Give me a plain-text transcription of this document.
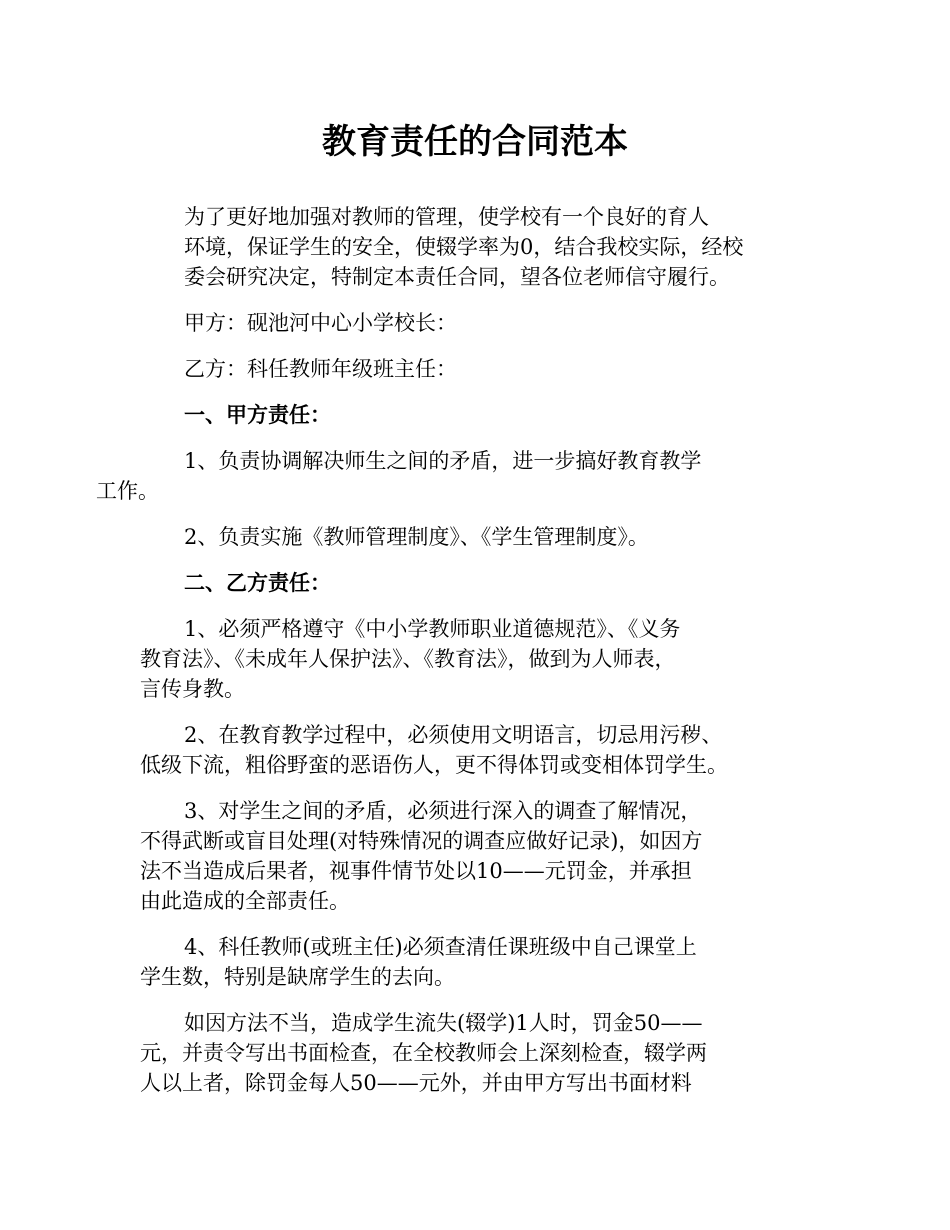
教育责任的合同范本

为了更好地加强对教师的管理，使学校有一个良好的育人
环境，保证学生的安全，使辍学率为0，结合我校实际，经校
委会研究决定，特制定本责任合同，望各位老师信守履行。

甲方：砚池河中心小学校长：

乙方：科任教师年级班主任：

一、甲方责任：

1、负责协调解决师生之间的矛盾，进一步搞好教育教学
工作。

2、负责实施《教师管理制度》、《学生管理制度》。

二、乙方责任：

1、必须严格遵守《中小学教师职业道德规范》、《义务
教育法》、《未成年人保护法》、《教育法》，做到为人师表，
言传身教。

2、在教育教学过程中，必须使用文明语言，切忌用污秽、
低级下流，粗俗野蛮的恶语伤人，更不得体罚或变相体罚学生。

3、对学生之间的矛盾，必须进行深入的调查了解情况，
不得武断或盲目处理(对特殊情况的调查应做好记录)，如因方
法不当造成后果者，视事件情节处以10——元罚金，并承担
由此造成的全部责任。

4、科任教师(或班主任)必须查清任课班级中自己课堂上
学生数，特别是缺席学生的去向。

如因方法不当，造成学生流失(辍学)1人时，罚金50——
元，并责令写出书面检查，在全校教师会上深刻检查，辍学两
人以上者，除罚金每人50——元外，并由甲方写出书面材料
